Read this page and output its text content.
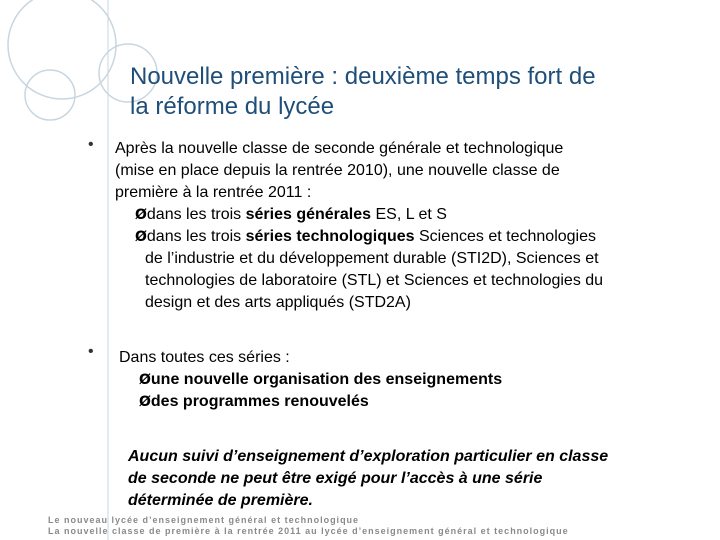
Nouvelle première : deuxième temps fort de
la réforme du lycée
• Après la nouvelle classe de seconde générale et technologique
(mise en place depuis la rentrée 2010), une nouvelle classe de
première à la rentrée 2011 :
Ødans les trois séries générales ES, L et S
Ødans les trois séries technologiques Sciences et technologies
de l’industrie et du développement durable (STI2D), Sciences et
technologies de laboratoire (STL) et Sciences et technologies du
design et des arts appliqués (STD2A)
• Dans toutes ces séries :
Øune nouvelle organisation des enseignements
Ødes programmes renouvelés
Aucun suivi d’enseignement d’exploration particulier en classe
de seconde ne peut être exigé pour l’accès à une série
déterminée de première.
Le nouveau lycée d’enseignement général et technologique
La nouvelle classe de première à la rentrée 2011 au lycée d’enseignement général et technologique
